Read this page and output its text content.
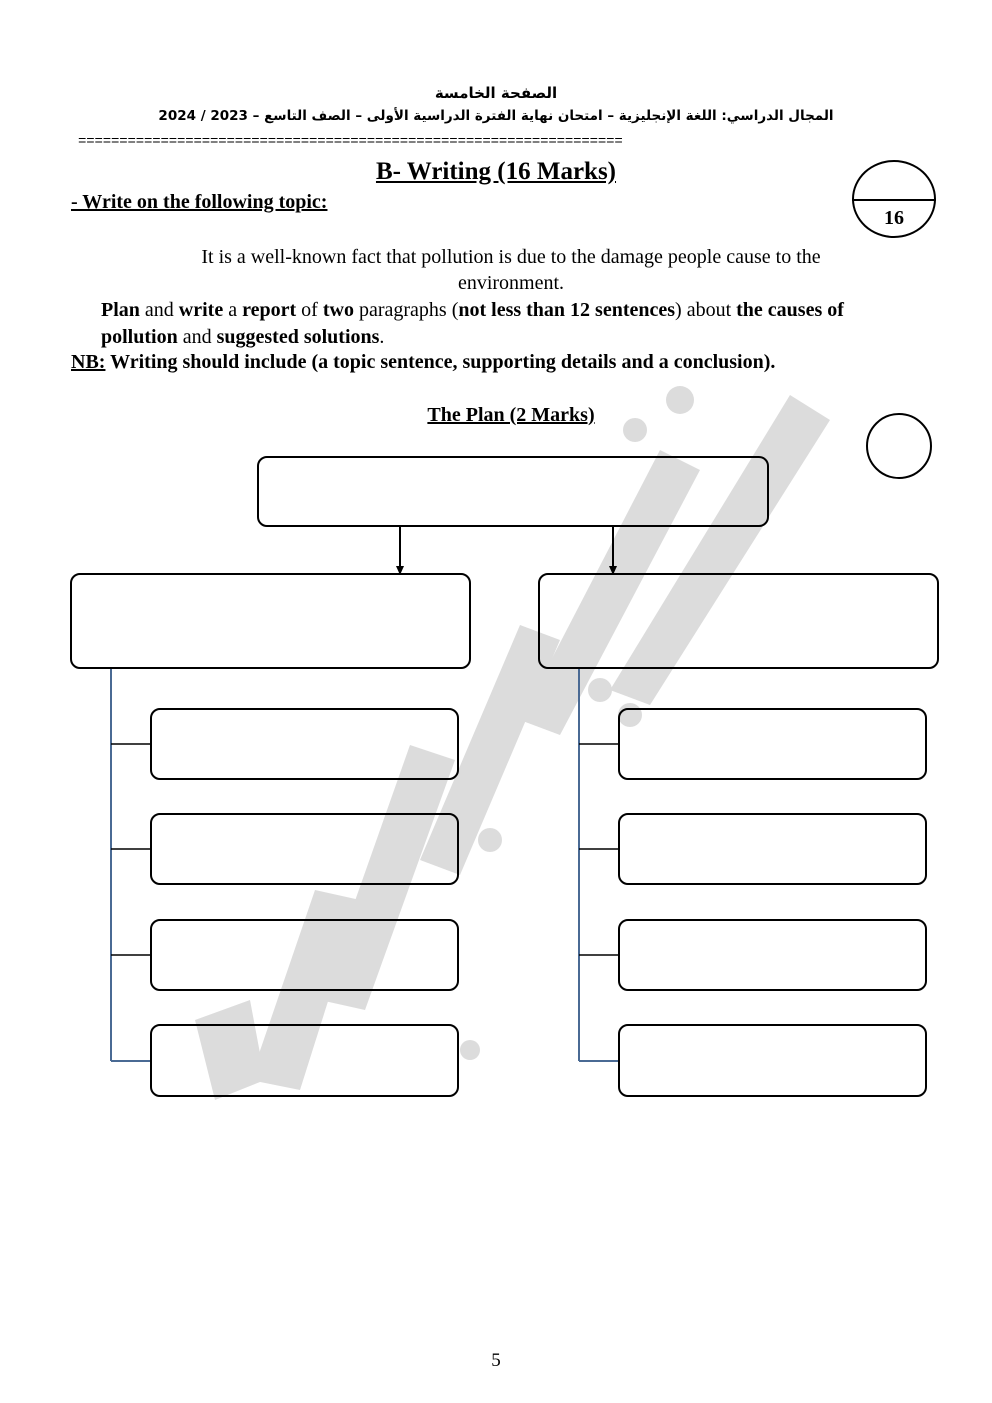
الصفحة الخامسة
المجال الدراسي: اللغة الإنجليزية – امتحان نهاية الفترة الدراسية الأولى – الصف التاسع – 2023 / 2024
==================================================================
B- Writing (16 Marks)
- Write on the following topic:
16
It is a well-known fact that pollution is due to the damage people cause to the environment.
Plan and write a report of two paragraphs (not less than 12 sentences) about the causes of pollution and suggested solutions.
NB: Writing should include (a topic sentence, supporting details and a conclusion).
The Plan (2 Marks)
5
